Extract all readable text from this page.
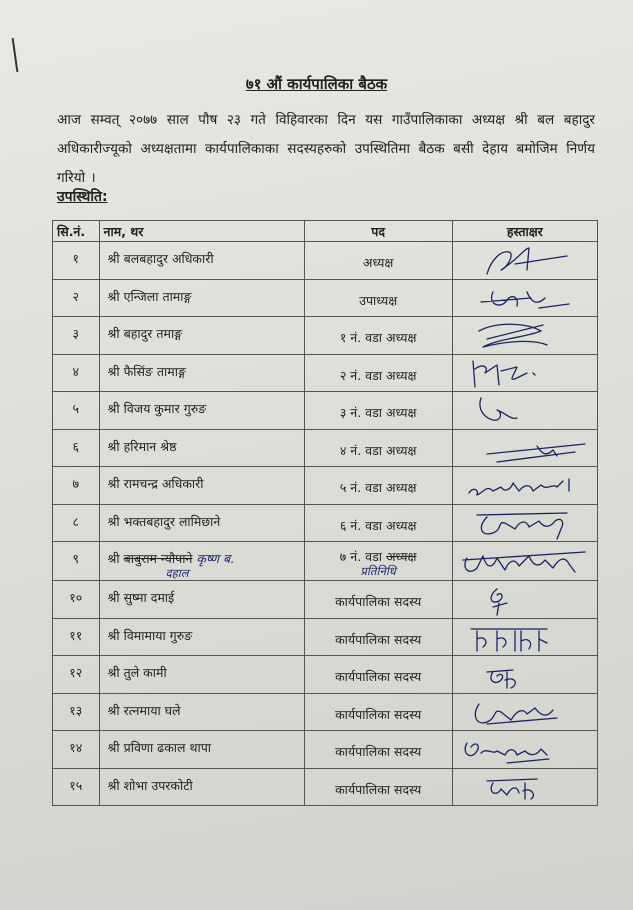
७१ औं कार्यपालिका बैठक
आज सम्वत् २०७७ साल पौष २३ गते विहिवारका दिन यस गाउँपालिकाका अध्यक्ष श्री बल बहादुर अधिकारीज्यूको अध्यक्षतामा कार्यपालिकाका सदस्यहरुको उपस्थितिमा बैठक बसी देहाय बमोजिम निर्णय गरियो ।
उपस्थिति:
सि.नं.	नाम, थर	पद	हस्ताक्षर
१	श्री बलबहादुर अधिकारी	अध्यक्ष	

२	श्री एन्जिला तामाङ्ग	उपाध्यक्ष	

३	श्री बहादुर तमाङ्ग	१ नं. वडा अध्यक्ष	

४	श्री फैसिंङ तामाङ्ग	२ नं. वडा अध्यक्ष	

५	श्री विजय कुमार गुरुङ	३ नं. वडा अध्यक्ष	

६	श्री हरिमान श्रेष्ठ	४ नं. वडा अध्यक्ष	

७	श्री रामचन्द्र अधिकारी	५ नं. वडा अध्यक्ष	

८	श्री भक्तबहादुर लामिछाने	६ नं. वडा अध्यक्ष	

९	श्री बाबुराम न्यौपाने कृष्ण ब.
दहाल	७ नं. वडा अध्यक्ष
प्रतिनिधि

१०	श्री सुष्मा दमाई	कार्यपालिका सदस्य	

११	श्री विमामाया गुरुङ	कार्यपालिका सदस्य	

१२	श्री तुले कामी	कार्यपालिका सदस्य	

१३	श्री रत्नमाया घले	कार्यपालिका सदस्य	

१४	श्री प्रविणा ढकाल थापा	कार्यपालिका सदस्य	

१५	श्री शोभा उपरकोटी	कार्यपालिका सदस्य	
